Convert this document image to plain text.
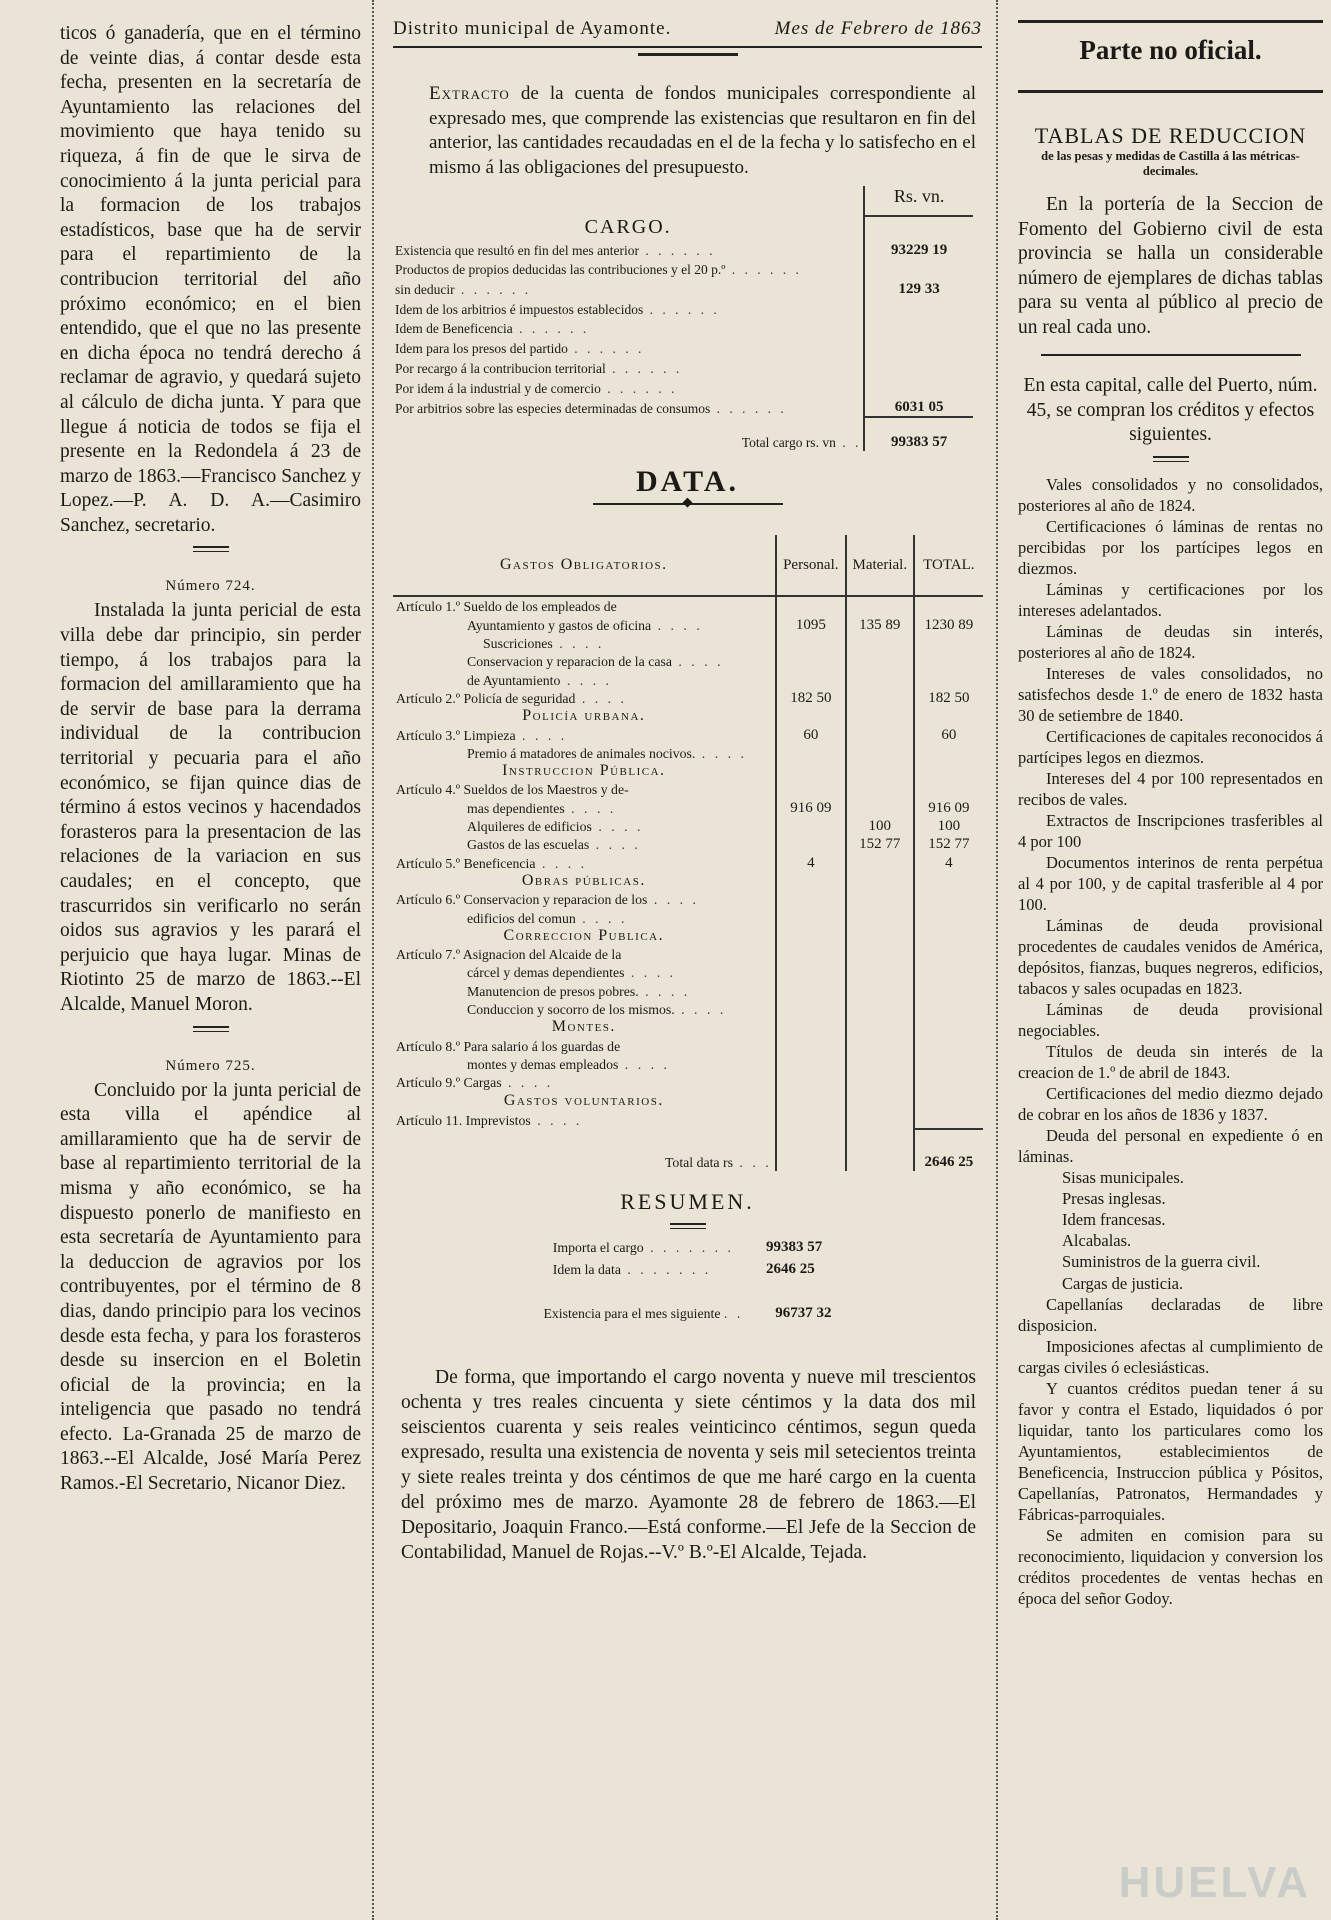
ticos ó ganadería, que en el término de veinte dias, á contar desde esta fecha, presenten en la secretaría de Ayuntamiento las relaciones del movimiento que haya tenido su riqueza, á fin de que le sirva de conocimiento á la junta pericial para la formacion de los trabajos estadísticos, base que ha de servir para el repartimiento de la contribucion territorial del año próximo económico; en el bien entendido, que el que no las presente en dicha época no tendrá derecho á reclamar de agravio, y quedará sujeto al cálculo de dicha junta. Y para que llegue á noticia de todos se fija el presente en la Redondela á 23 de marzo de 1863.—Francisco Sanchez y Lopez.—P. A. D. A.—Casimiro Sanchez, secretario.

Número 724.

Instalada la junta pericial de esta villa debe dar principio, sin perder tiempo, á los trabajos para la formacion del amillaramiento que ha de servir de base para la derrama individual de la contribucion territorial y pecuaria para el año económico, se fijan quince dias de término á estos vecinos y hacendados forasteros para la presentacion de las relaciones de la variacion en sus caudales; en el concepto, que trascurridos sin verificarlo no serán oidos sus agravios y les parará el perjuicio que haya lugar. Minas de Riotinto 25 de marzo de 1863.--El Alcalde, Manuel Moron.

Número 725.

Concluido por la junta pericial de esta villa el apéndice al amillaramiento que ha de servir de base al repartimiento territorial de la misma y año económico, se ha dispuesto ponerlo de manifiesto en esta secretaría de Ayuntamiento para la deduccion de agravios por los contribuyentes, por el término de 8 dias, dando principio para los vecinos desde esta fecha, y para los forasteros desde su insercion en el Boletin oficial de la provincia; en la inteligencia que pasado no tendrá efecto. La-Granada 25 de marzo de 1863.--El Alcalde, José María Perez Ramos.-El Secretario, Nicanor Diez.

Distrito municipal de Ayamonte.	Mes de Febrero de 1863

Extracto de la cuenta de fondos municipales correspondiente al expresado mes, que comprende las existencias que resultaron en fin del anterior, las cantidades recaudadas en el de la fecha y lo satisfecho en el mismo á las obligaciones del presupuesto.

	Rs. vn.
CARGO.	
Existencia que resultó en fin del mes anterior . . . . . .	93229 19
Productos de propios deducidas las contribuciones y el 20 p.º . . . . . .	
sin deducir . . . . . .	129 33
Idem de los arbitrios é impuestos establecidos . . . . . .	
Idem de Beneficencia . . . . . .	
Idem para los presos del partido . . . . . .	
Por recargo á la contribucion territorial . . . . . .	
Por idem á la industrial y de comercio . . . . . .	
Por arbitrios sobre las especies determinadas de consumos . . . . . .	6031 05
Total cargo rs. vn . .	99383 57
DATA.
◆
Gastos Obligatorios.	Personal.	Material.	TOTAL.
Artículo 1.º Sueldo de los empleados de			
Ayuntamiento y gastos de oficina . . . .	1095	135 89	1230 89
Suscriciones . . . .			
Conservacion y reparacion de la casa . . . .			
de Ayuntamiento . . . .			
Artículo 2.º Policía de seguridad . . . .	182 50		182 50
Policía urbana.			
Artículo 3.º Limpieza . . . .	60		60
Premio á matadores de animales nocivos. . . . .			
Instruccion Pública.			
Artículo 4.º Sueldos de los Maestros y de-			
mas dependientes . . . .	916 09		916 09
Alquileres de edificios . . . .		100	100
Gastos de las escuelas . . . .		152 77	152 77
Artículo 5.º Beneficencia . . . .	4		4
Obras públicas.			
Artículo 6.º Conservacion y reparacion de los . . . .			
edificios del comun . . . .			
Correccion Publica.			
Artículo 7.º Asignacion del Alcaide de la			
cárcel y demas dependientes . . . .			
Manutencion de presos pobres. . . . .			
Conduccion y socorro de los mismos. . . . .			
Montes.			
Artículo 8.º Para salario á los guardas de			
montes y demas empleados . . . .			
Artículo 9.º Cargas . . . .			
Gastos voluntarios.			
Artículo 11. Imprevistos . . . .			
Total data rs . . .			2646 25
RESUMEN.
Importa el cargo . . . . . . .	99383 57
Idem la data . . . . . . .	2646 25
Existencia para el mes siguiente . .	96737 32

De forma, que importando el cargo noventa y nueve mil trescientos ochenta y tres reales cincuenta y siete céntimos y la data dos mil seiscientos cuarenta y seis reales veinticinco céntimos, segun queda expresado, resulta una existencia de noventa y seis mil setecientos treinta y siete reales treinta y dos céntimos de que me haré cargo en la cuenta del próximo mes de marzo. Ayamonte 28 de febrero de 1863.—El Depositario, Joaquin Franco.—Está conforme.—El Jefe de la Seccion de Contabilidad, Manuel de Rojas.--V.º B.º-El Alcalde, Tejada.

Parte no oficial.
TABLAS DE REDUCCION
de las pesas y medidas de Castilla á las métricas-decimales.

En la portería de la Seccion de Fomento del Gobierno civil de esta provincia se halla un considerable número de ejemplares de dichas tablas para su venta al público al precio de un real cada uno.

En esta capital, calle del Puerto, núm. 45, se compran los créditos y efectos siguientes.

Vales consolidados y no consolidados, posteriores al año de 1824.

Certificaciones ó láminas de rentas no percibidas por los partícipes legos en diezmos.

Láminas y certificaciones por los intereses adelantados.

Láminas de deudas sin interés, posteriores al año de 1824.

Intereses de vales consolidados, no satisfechos desde 1.º de enero de 1832 hasta 30 de setiembre de 1840.

Certificaciones de capitales reconocidos á partícipes legos en diezmos.

Intereses del 4 por 100 representados en recibos de vales.

Extractos de Inscripciones trasferibles al 4 por 100

Documentos interinos de renta perpétua al 4 por 100, y de capital trasferible al 4 por 100.

Láminas de deuda provisional procedentes de caudales venidos de América, depósitos, fianzas, buques negreros, edificios, tabacos y sales ocupadas en 1823.

Láminas de deuda provisional negociables.

Títulos de deuda sin interés de la creacion de 1.º de abril de 1843.

Certificaciones del medio diezmo dejado de cobrar en los años de 1836 y 1837.

Deuda del personal en expediente ó en láminas.

Sisas municipales.

Presas inglesas.

Idem francesas.

Alcabalas.

Suministros de la guerra civil.

Cargas de justicia.

Capellanías declaradas de libre disposicion.

Imposiciones afectas al cumplimiento de cargas civiles ó eclesiásticas.

Y cuantos créditos puedan tener á su favor y contra el Estado, liquidados ó por liquidar, tanto los particulares como los Ayuntamientos, establecimientos de Beneficencia, Instruccion pública y Pósitos, Capellanías, Patronatos, Hermandades y Fábricas-parroquiales.

Se admiten en comision para su reconocimiento, liquidacion y conversion los créditos procedentes de ventas hechas en época del señor Godoy.

HUELVA
